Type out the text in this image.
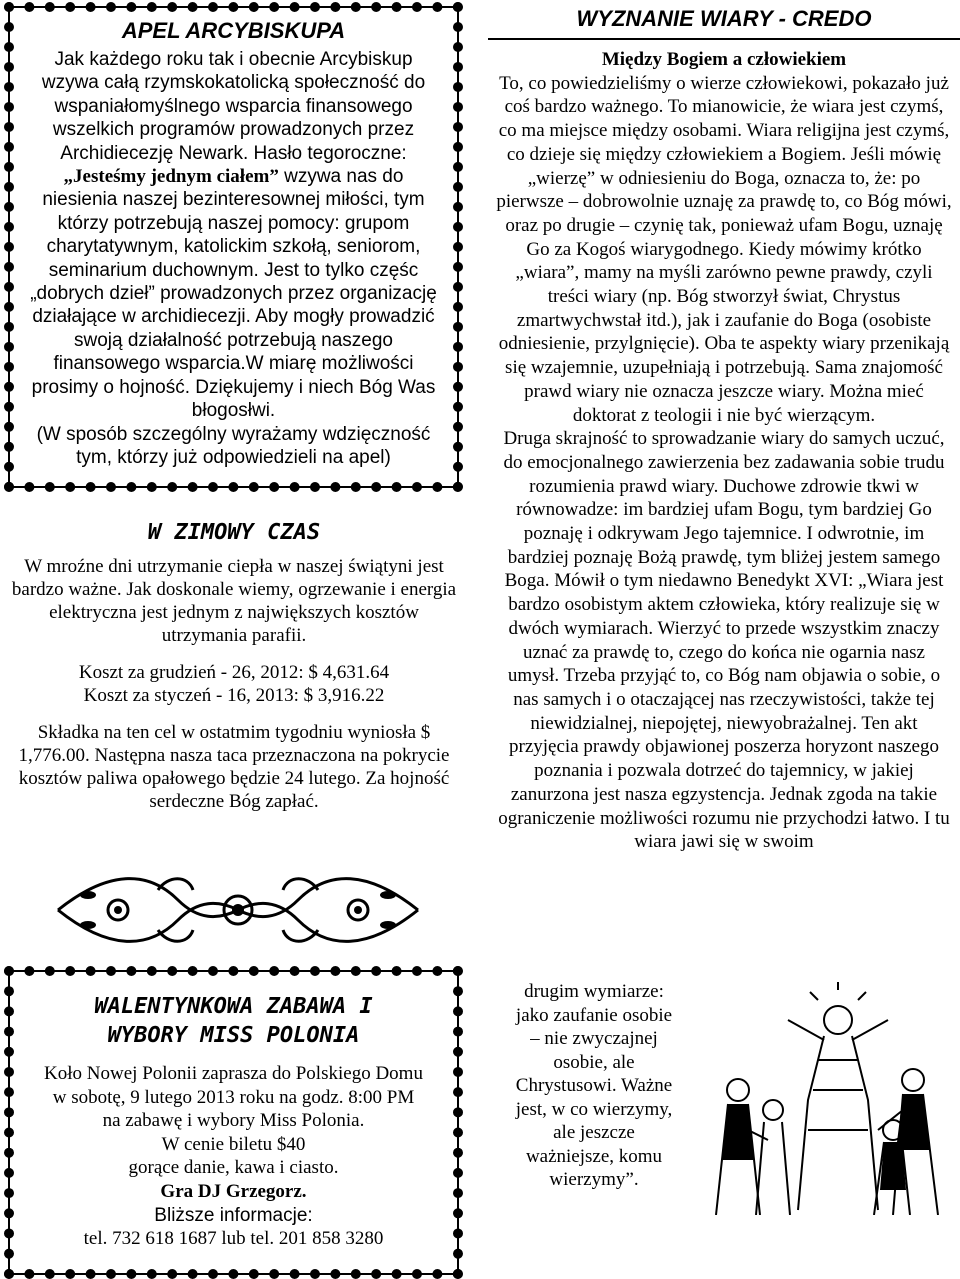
APEL ARCYBISKUPA

Jak każdego roku tak i obecnie Arcybiskup wzywa całą rzymskokatolicką społeczność do wspaniałomyślnego wsparcia finansowego wszelkich programów prowadzonych przez Archidiecezję Newark. Hasło tegoroczne:„Jesteśmy jednym ciałem” wzywa nas do niesienia naszej bezinteresownej miłości, tym którzy potrzebują naszej pomocy: grupom charytatywnym, katolickim szkołą, seniorom, seminarium duchownym. Jest to tylko częśc „dobrych dzieł” prowadzonych przez organizację działające w archidiecezji. Aby mogły prowadzić swoją działalność potrzebują naszego finansowego wsparcia.W miarę możliwości prosimy o hojność. Dziękujemy i niech Bóg Was błogosłwi.

(W sposób szczególny wyrażamy wdzięczność tym, którzy już odpowiedzieli na apel)

W ZIMOWY CZAS

W mroźne dni utrzymanie ciepła w naszej świątyni jest bardzo ważne. Jak doskonale wiemy, ogrzewanie i energia elektryczna jest jednym z największych kosztów utrzymania parafii.

Koszt za grudzień - 26, 2012: $ 4,631.64

Koszt za styczeń - 16, 2013: $ 3,916.22

Składka na ten cel w ostatmim tygodniu wyniosła $ 1,776.00. Następna nasza taca przeznaczona na pokrycie kosztów paliwa opałowego będzie 24 lutego. Za hojność serdeczne Bóg zapłać.

WALENTYNKOWA ZABAWA I
WYBORY MISS POLONIA

Koło Nowej Polonii zaprasza do Polskiego Domu

w sobotę, 9 lutego 2013 roku na godz. 8:00 PM

na zabawę i wybory Miss Polonia.

W cenie biletu $40

gorące danie, kawa i ciasto.

Gra DJ Grzegorz.

Bliższe informacje:

tel. 732 618 1687 lub tel. 201 858 3280

WYZNANIE WIARY - CREDO

Między Bogiem a człowiekiem

To, co powiedzieliśmy o wierze człowiekowi, pokazało już coś bardzo ważnego. To mianowicie, że wiara jest czymś, co ma miejsce między osobami. Wiara religijna jest czymś, co dzieje się między człowiekiem a Bogiem. Jeśli mówię „wierzę” w odniesieniu do Boga, oznacza to, że: po pierwsze – dobrowolnie uznaję za prawdę to, co Bóg mówi, oraz po drugie – czynię tak, ponieważ ufam Bogu, uznaję Go za Kogoś wiarygodnego. Kiedy mówimy krótko „wiara”, mamy na myśli zarówno pewne prawdy, czyli treści wiary (np. Bóg stworzył świat, Chrystus zmartwychwstał itd.), jak i zaufanie do Boga (osobiste odniesienie, przylgnięcie). Oba te aspekty wiary przenikają się wzajemnie, uzupełniają i potrzebują. Sama znajomość prawd wiary nie oznacza jeszcze wiary. Można mieć doktorat z teologii i nie być wierzącym.

Druga skrajność to sprowadzanie wiary do samych uczuć, do emocjonalnego zawierzenia bez zadawania sobie trudu rozumienia prawd wiary. Duchowe zdrowie tkwi w równowadze: im bardziej ufam Bogu, tym bardziej Go poznaję i odkrywam Jego tajemnice. I odwrotnie, im bardziej poznaję Bożą prawdę, tym bliżej jestem samego Boga. Mówił o tym niedawno Benedykt XVI: „Wiara jest bardzo osobistym aktem człowieka, który realizuje się w dwóch wymiarach. Wierzyć to przede wszystkim znaczy uznać za prawdę to, czego do końca nie ogarnia nasz umysł. Trzeba przyjąć to, co Bóg nam objawia o sobie, o nas samych i o otaczającej nas rzeczywistości, także tej niewidzialnej, niepojętej, niewyobrażalnej. Ten akt przyjęcia prawdy objawionej poszerza horyzont naszego poznania i pozwala dotrzeć do tajemnicy, w jakiej zanurzona jest nasza egzystencja. Jednak zgoda na takie ograniczenie możliwości rozumu nie przychodzi łatwo. I tu wiara jawi się w swoim

drugim wymiarze:

jako zaufanie osobie

– nie zwyczajnej

osobie, ale

Chrystusowi. Ważne

jest, w co wierzymy,

ale jeszcze

ważniejsze, komu

wierzymy”.
